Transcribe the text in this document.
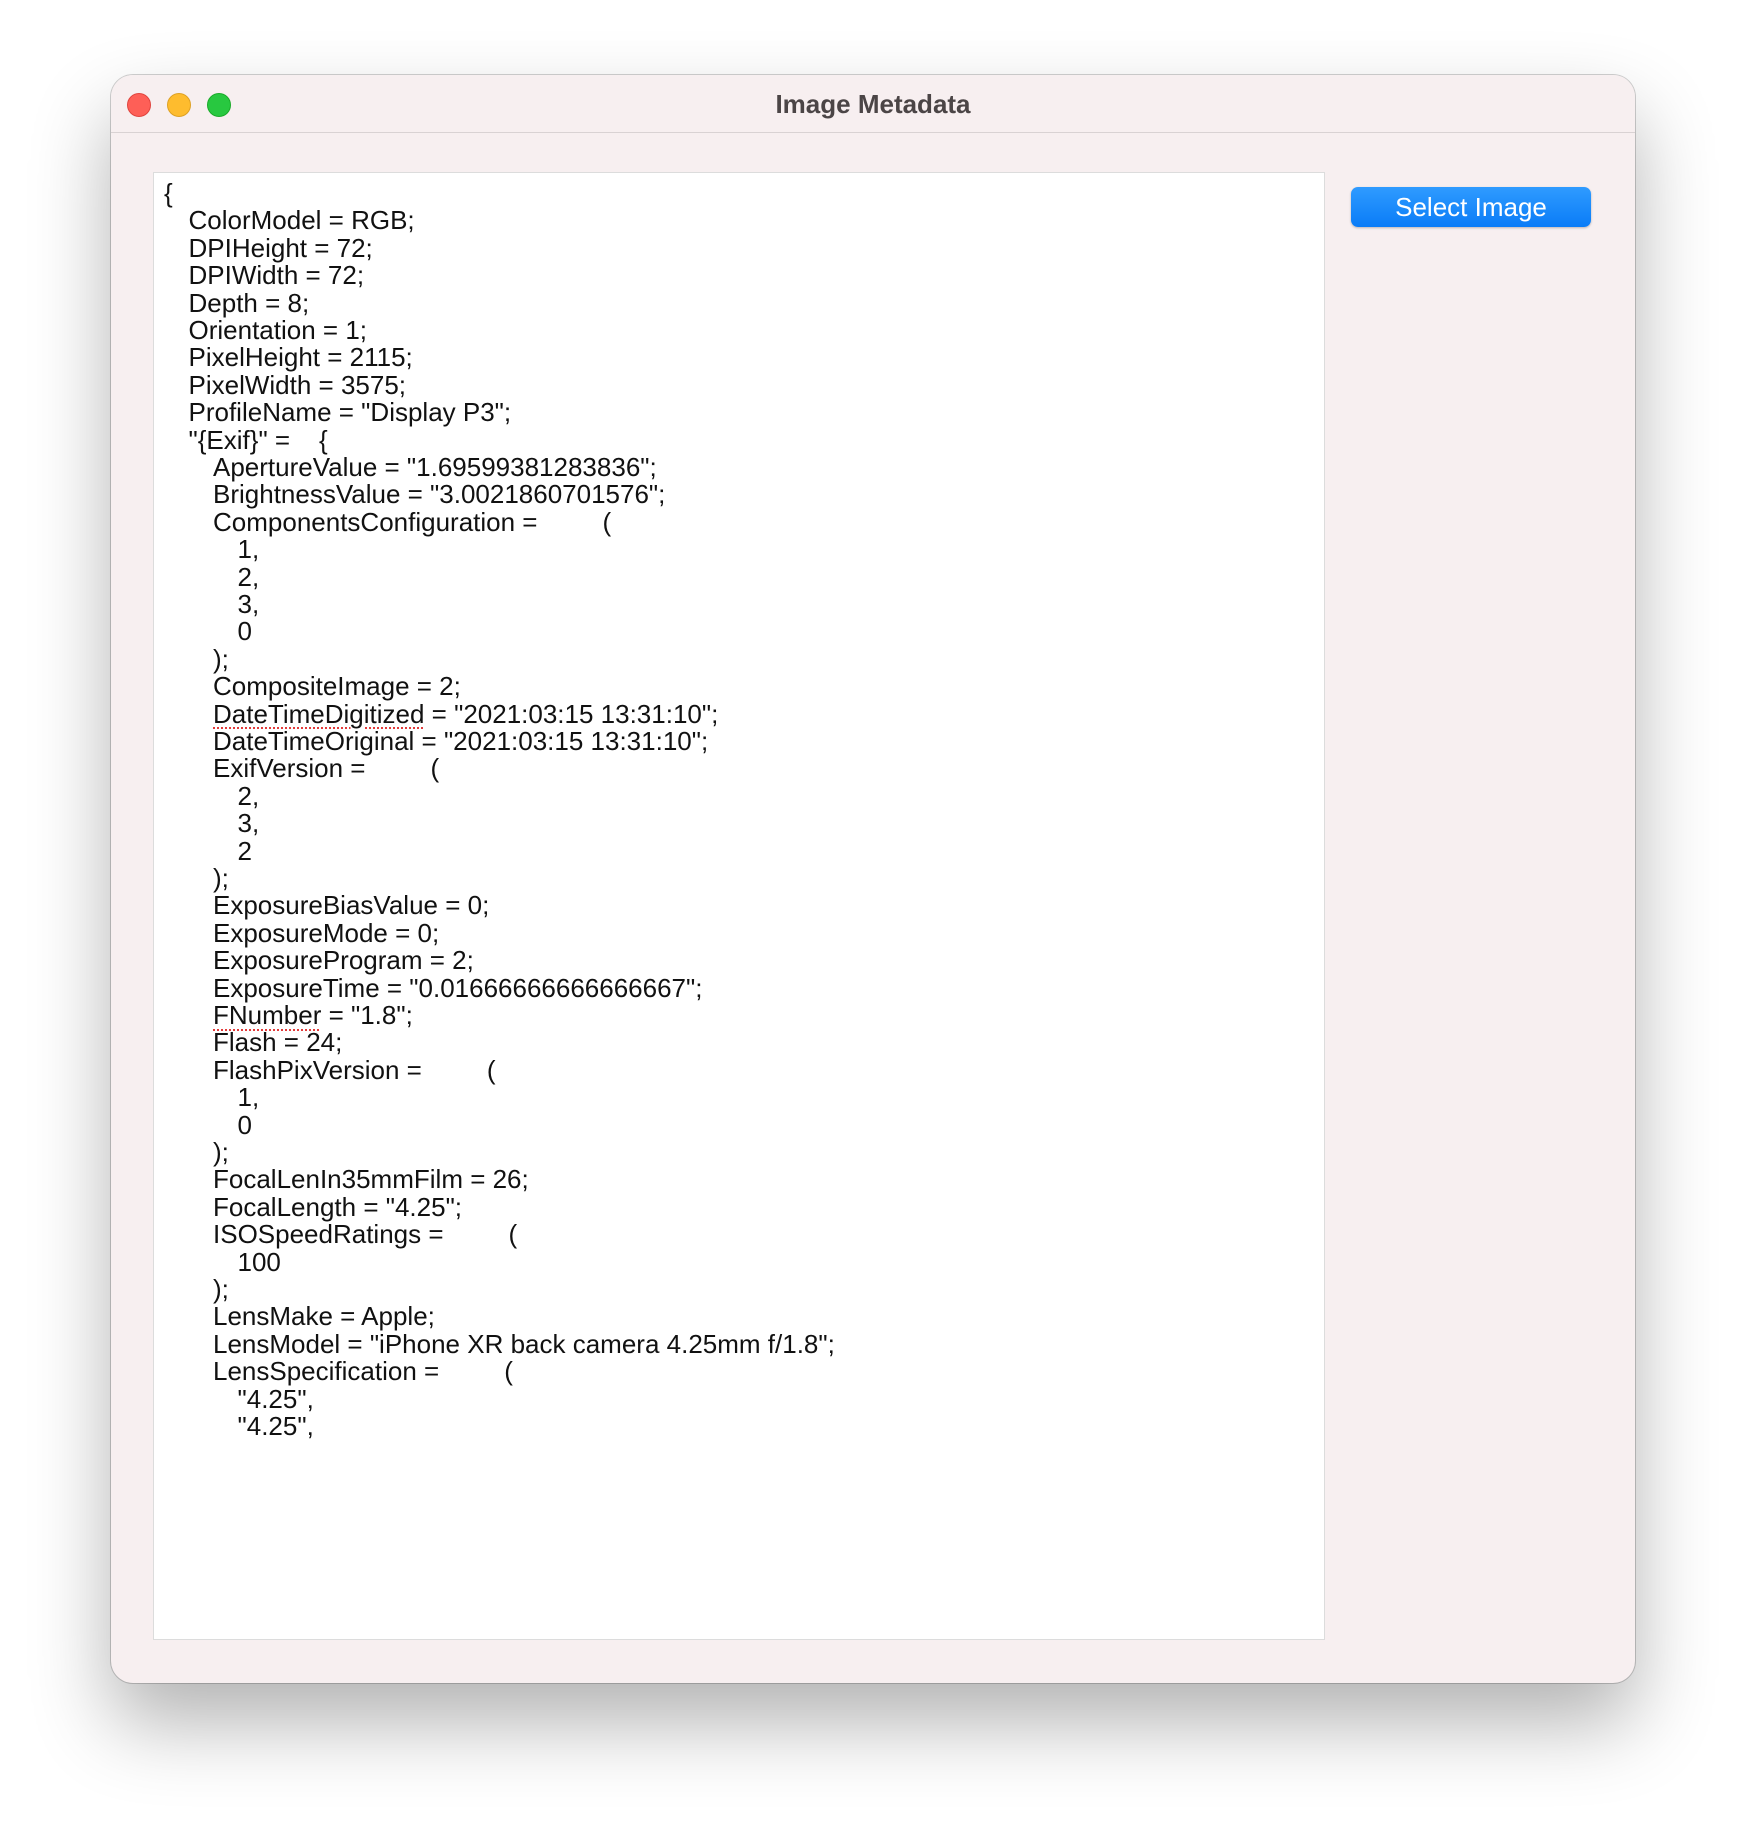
Image Metadata
{
ColorModel = RGB;
DPIHeight = 72;
DPIWidth = 72;
Depth = 8;
Orientation = 1;
PixelHeight = 2115;
PixelWidth = 3575;
ProfileName = "Display P3";
"{Exif}" =    {
ApertureValue = "1.69599381283836";
BrightnessValue = "3.0021860701576";
ComponentsConfiguration =         (
1,
2,
3,
0
);
CompositeImage = 2;
DateTimeDigitized = "2021:03:15 13:31:10";
DateTimeOriginal = "2021:03:15 13:31:10";
ExifVersion =         (
2,
3,
2
);
ExposureBiasValue = 0;
ExposureMode = 0;
ExposureProgram = 2;
ExposureTime = "0.01666666666666667";
FNumber = "1.8";
Flash = 24;
FlashPixVersion =         (
1,
0
);
FocalLenIn35mmFilm = 26;
FocalLength = "4.25";
ISOSpeedRatings =         (
100
);
LensMake = Apple;
LensModel = "iPhone XR back camera 4.25mm f/1.8";
LensSpecification =         (
"4.25",
"4.25",
Select Image
